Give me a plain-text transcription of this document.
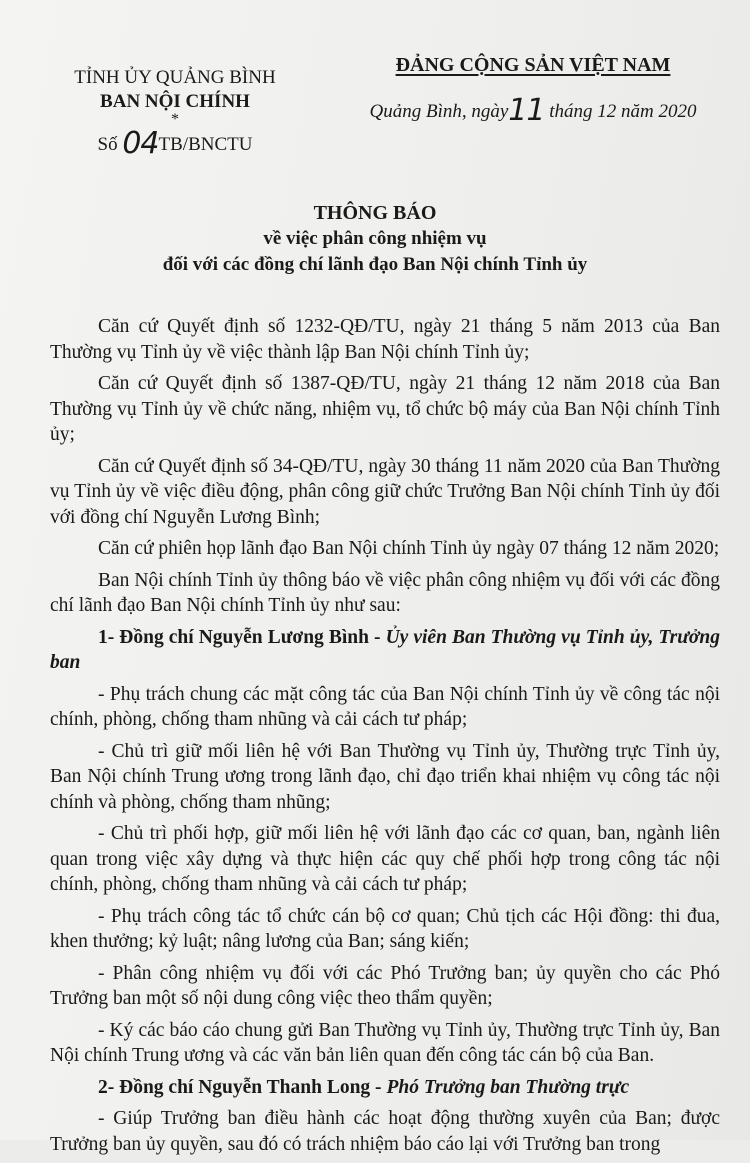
TỈNH ỦY QUẢNG BÌNH
BAN NỘI CHÍNH
*
Số 04TB/BNCTU
ĐẢNG CỘNG SẢN VIỆT NAM
Quảng Bình, ngày11 tháng 12 năm 2020
THÔNG BÁO
về việc phân công nhiệm vụ
đối với các đồng chí lãnh đạo Ban Nội chính Tỉnh ủy

Căn cứ Quyết định số 1232-QĐ/TU, ngày 21 tháng 5 năm 2013 của Ban Thường vụ Tỉnh ủy về việc thành lập Ban Nội chính Tỉnh ủy;

Căn cứ Quyết định số 1387-QĐ/TU, ngày 21 tháng 12 năm 2018 của Ban Thường vụ Tỉnh ủy về chức năng, nhiệm vụ, tổ chức bộ máy của Ban Nội chính Tỉnh ủy;

Căn cứ Quyết định số 34-QĐ/TU, ngày 30 tháng 11 năm 2020 của Ban Thường vụ Tỉnh ủy về việc điều động, phân công giữ chức Trưởng Ban Nội chính Tỉnh ủy đối với đồng chí Nguyễn Lương Bình;

Căn cứ phiên họp lãnh đạo Ban Nội chính Tỉnh ủy ngày 07 tháng 12 năm 2020;

Ban Nội chính Tỉnh ủy thông báo về việc phân công nhiệm vụ đối với các đồng chí lãnh đạo Ban Nội chính Tỉnh ủy như sau:

1- Đồng chí Nguyễn Lương Bình - Ủy viên Ban Thường vụ Tỉnh ủy, Trưởng ban

- Phụ trách chung các mặt công tác của Ban Nội chính Tỉnh ủy về công tác nội chính, phòng, chống tham nhũng và cải cách tư pháp;

- Chủ trì giữ mối liên hệ với Ban Thường vụ Tỉnh ủy, Thường trực Tỉnh ủy, Ban Nội chính Trung ương trong lãnh đạo, chỉ đạo triển khai nhiệm vụ công tác nội chính và phòng, chống tham nhũng;

- Chủ trì phối hợp, giữ mối liên hệ với lãnh đạo các cơ quan, ban, ngành liên quan trong việc xây dựng và thực hiện các quy chế phối hợp trong công tác nội chính, phòng, chống tham nhũng và cải cách tư pháp;

- Phụ trách công tác tổ chức cán bộ cơ quan; Chủ tịch các Hội đồng: thi đua, khen thưởng; kỷ luật; nâng lương của Ban; sáng kiến;

- Phân công nhiệm vụ đối với các Phó Trưởng ban; ủy quyền cho các Phó Trưởng ban một số nội dung công việc theo thẩm quyền;

- Ký các báo cáo chung gửi Ban Thường vụ Tỉnh ủy, Thường trực Tỉnh ủy, Ban Nội chính Trung ương và các văn bản liên quan đến công tác cán bộ của Ban.

2- Đồng chí Nguyễn Thanh Long - Phó Trưởng ban Thường trực

- Giúp Trưởng ban điều hành các hoạt động thường xuyên của Ban; được Trưởng ban ủy quyền, sau đó có trách nhiệm báo cáo lại với Trưởng ban trong
